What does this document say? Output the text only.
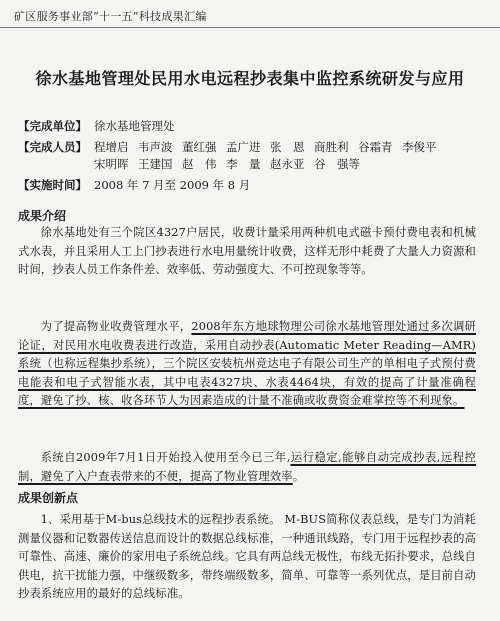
矿区服务事业部“十一五”科技成果汇编
徐水基地管理处民用水电远程抄表集中监控系统研发与应用
【完成单位】 徐水基地管理处
【完成人员】 程增启 韦声波 董红强 孟广进 张　恩 商胜利 谷霜青 李俊平
宋明晖 王建国 赵　伟 李　量 赵永亚 谷　强等
【实施时间】 2008 年 7 月至 2009 年 8 月
成果介绍

徐水基地处有三个院区4327户居民，收费计量采用两种机电式磁卡预付费电表和机械式水表，并且采用人工上门抄表进行水电用量统计收费，这样无形中耗费了大量人力资源和时间，抄表人员工作条件差、效率低、劳动强度大、不可控现象等等。

为了提高物业收费管理水平，2008年东方地球物理公司徐水基地管理处通过多次调研论证，对民用水电收费表进行改造，采用自动抄表(Automatic Meter Reading—AMR)系统（也称远程集抄系统），三个院区安装杭州竞达电子有限公司生产的单相电子式预付费电能表和电子式智能水表，其中电表4327块、水表4464块，有效的提高了计量准确程度，避免了抄、核、收各环节人为因素造成的计量不准确或收费资金难掌控等不利现象。

系统自2009年7月1日开始投入使用至今已三年,运行稳定,能够自动完成抄表,远程控制，避免了入户查表带来的不便，提高了物业管理效率。

成果创新点

1、采用基于M-bus总线技术的远程抄表系统。 M-BUS简称仪表总线，是专门为消耗测量仪器和记数器传送信息而设计的数据总线标准，一种通讯线路，专门用于远程抄表的高可靠性、高速、廉价的家用电子系统总线。它具有两总线无极性，布线无拓扑要求，总线自供电，抗干扰能力强，中继级数多，带终端级数多，简单、可靠等一系列优点，是目前自动抄表系统应用的最好的总线标准。
